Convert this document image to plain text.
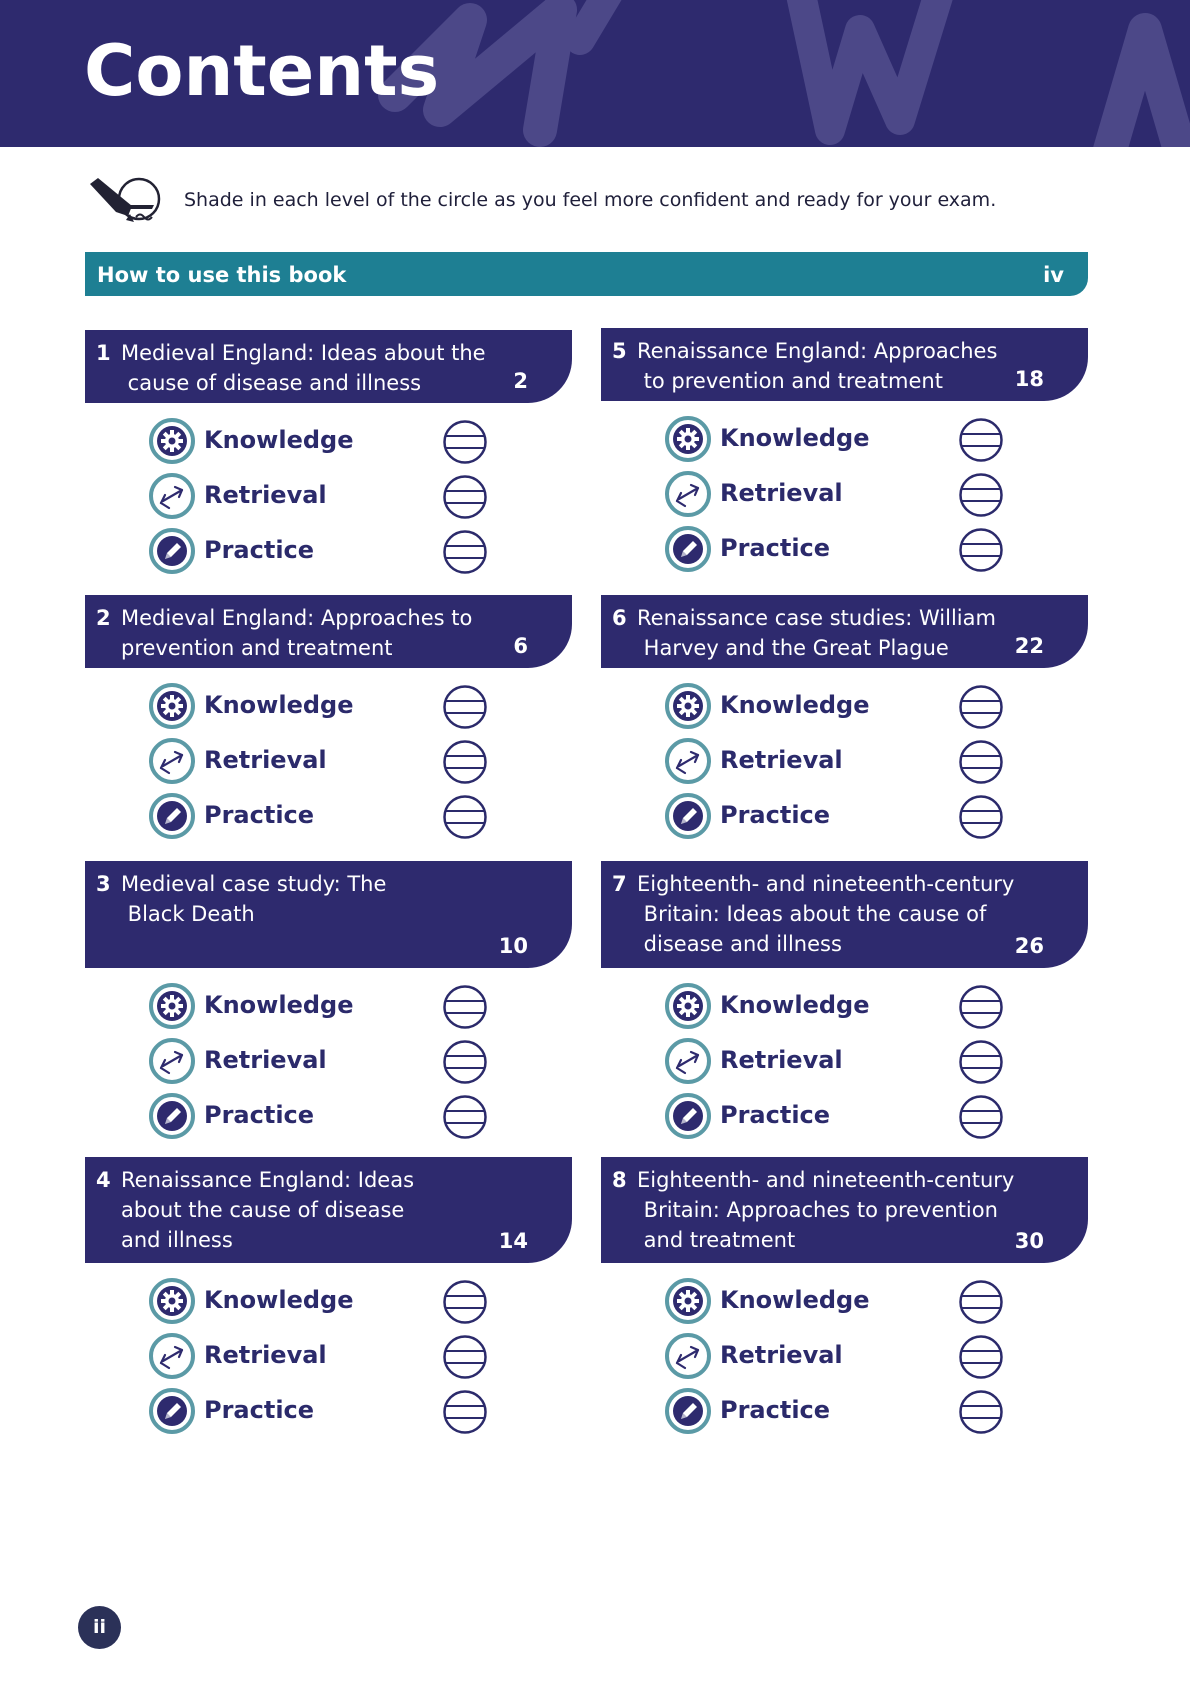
Contents
Shade in each level of the circle as you feel more confident and ready for your exam.
How to use this book	iv
1 Medieval England: Ideas about the
cause of disease and illness	2
Knowledge
Retrieval
Practice
2 Medieval England: Approaches to
prevention and treatment	6
Knowledge
Retrieval
Practice
3 Medieval case study: The
Black Death
10
Knowledge
Retrieval
Practice
4 Renaissance England: Ideas
about the cause of disease
and illness	14
Knowledge
Retrieval
Practice
5 Renaissance England: Approaches
to prevention and treatment	18
Knowledge
Retrieval
Practice
6 Renaissance case studies: William
Harvey and the Great Plague	22
Knowledge
Retrieval
Practice
7 Eighteenth- and nineteenth-century
Britain: Ideas about the cause of
disease and illness	26
Knowledge
Retrieval
Practice
8 Eighteenth- and nineteenth-century
Britain: Approaches to prevention
and treatment	30
Knowledge
Retrieval
Practice
ii
